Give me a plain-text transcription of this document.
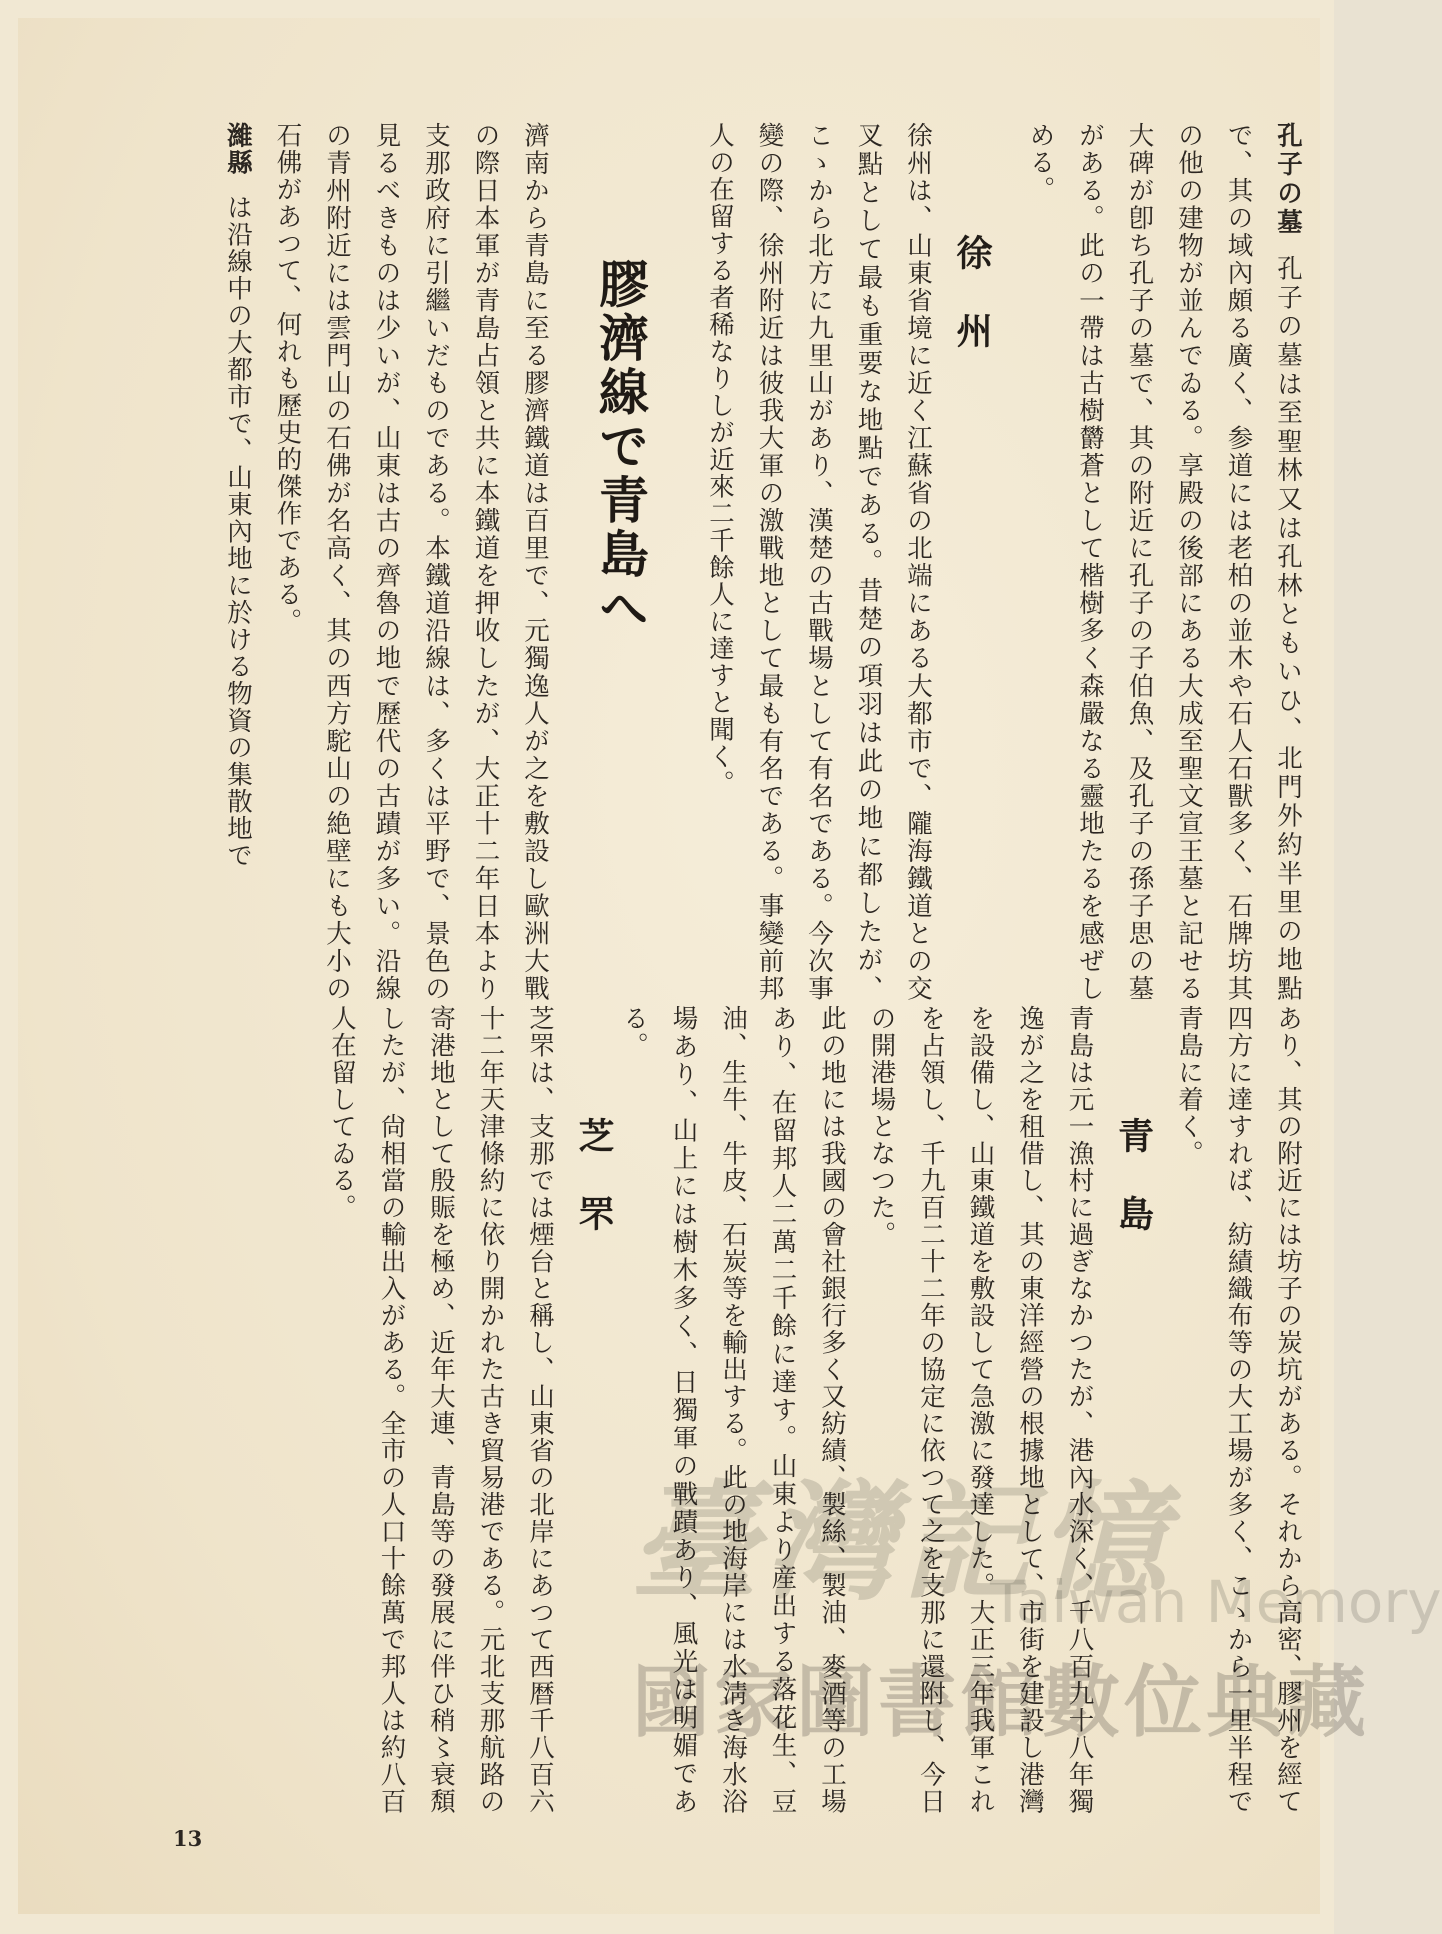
孔子の墓孔子の墓は至聖林又は孔林ともいひ、北門外約半里の地點で、其の域內頗る廣く、参道には老柏の並木や石人石獸多く、石牌坊其の他の建物が並んでゐる。享殿の後部にある大成至聖文宣王墓と記せる大碑が卽ち孔子の墓で、其の附近に孔子の子伯魚、及孔子の孫子思の墓がある。此の一帶は古樹欝蒼として楷樹多く森嚴なる靈地たるを感ぜしめる。

徐州

徐州は、山東省境に近く江蘇省の北端にある大都市で、隴海鐵道との交叉點として最も重要な地點である。昔楚の項羽は此の地に都したが、こゝから北方に九里山があり、漢楚の古戰場として有名である。今次事變の際、徐州附近は彼我大軍の激戰地として最も有名である。事變前邦人の在留する者稀なりしが近來二千餘人に達すと聞く。

膠濟線で青島へ

濟南から青島に至る膠濟鐵道は百里で、元獨逸人が之を敷設し歐洲大戰の際日本軍が青島占領と共に本鐵道を押收したが、大正十二年日本より支那政府に引繼いだものである。本鐵道沿線は、多くは平野で、景色の見るべきものは少いが、山東は古の齊魯の地で歷代の古蹟が多い。沿線の青州附近には雲門山の石佛が名高く、其の西方駝山の絶壁にも大小の石佛があつて、何れも歷史的傑作である。

濰縣は沿線中の大都市で、山東內地に於ける物資の集散地で

あり、其の附近には坊子の炭坑がある。それから高密、膠州を經て四方に達すれば、紡績織布等の大工場が多く、こゝから一里半程で青島に着く。

青島

青島は元一漁村に過ぎなかつたが、港內水深く、千八百九十八年獨逸が之を租借し、其の東洋經營の根據地として、市街を建設し港灣を設備し、山東鐵道を敷設して急激に發達した。大正三年我軍これを占領し、千九百二十二年の協定に依つて之を支那に還附し、今日の開港場となつた。

此の地には我國の會社銀行多く又紡績、製絲、製油、麥酒等の工場あり、在留邦人二萬二千餘に達す。山東より産出する落花生、豆油、生牛、牛皮、石炭等を輸出する。此の地海岸には水淸き海水浴場あり、山上には樹木多く、日獨軍の戰蹟あり、風光は明媚である。

芝罘

芝罘は、支那では煙台と稱し、山東省の北岸にあつて西暦千八百六十二年天津條約に依り開かれた古き貿易港である。元北支那航路の寄港地として殷賑を極め、近年大連、青島等の發展に伴ひ稍〻衰頽したが、尙相當の輸出入がある。全市の人口十餘萬で邦人は約八百人在留してゐる。

13
Memory
國家圖書館數位典藏
